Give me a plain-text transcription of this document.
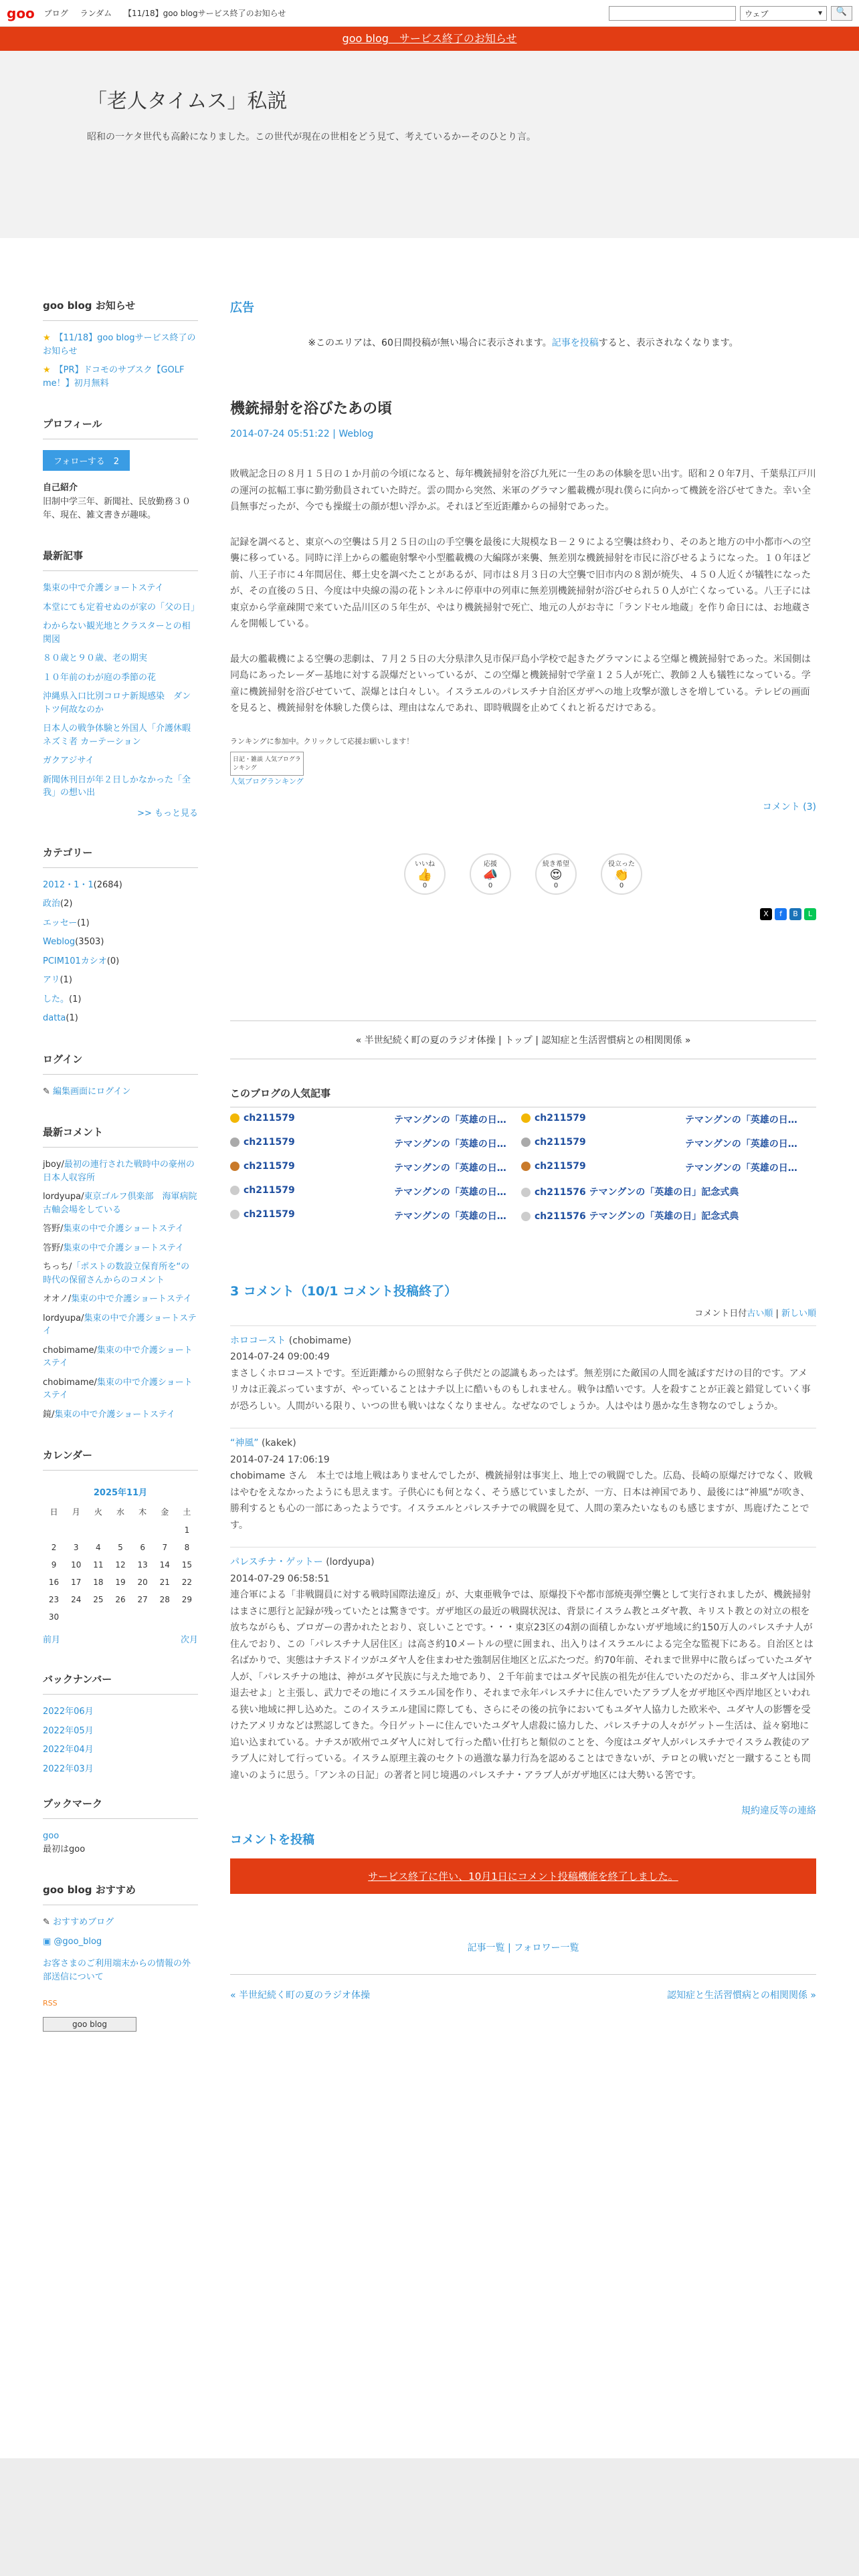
goo ブログ ランダム 【11/18】goo blogサービス終了のお知らせ	ウェブ	▾	🔍
goo blog　サービス終了のお知らせ
「老人タイムス」私説

昭和の一ケタ世代も高齢になりました。この世代が現在の世相をどう見て、考えているかーそのひとり言。

goo blog お知らせ
★ 【11/18】goo blogサービス終了のお知らせ
★ 【PR】ドコモのサブスク【GOLF me！】初月無料
プロフィール
フォローする　 2
自己紹介
旧制中学三年、新聞社、民放勤務３０年、現在、雑文書きが趣味。
最新記事
集束の中で介護ショートステイ
本堂にても定着せぬのが家の「父の日」
わからない観光地とクラスターとの相関図
８０歳と９０歳、老の期実
１０年前のわが庭の季節の花
沖縄県入口比別コロナ新規感染　ダントツ何故なのか
日本人の戦争体験と外国人「介護休暇ネズミ者 カーテーション
ガクアジサイ
新聞休刊日が年２日しかなかった「全我」の想い出
>> もっと見る
カテゴリー
2012・1・1(2684)
政治(2)
エッセー(1)
Weblog(3503)
PCIM101カシオ(0)
アリ(1)
した。(1)
datta(1)
ログイン
✎ 編集画面にログイン
最新コメント
jboy/最初の連行された戦時中の豪州の日本人収容所
lordyupa/東京ゴルフ倶楽部　海軍病院　古軸会場をしている
答野/集束の中で介護ショートステイ
答野/集束の中で介護ショートステイ
ちっち/「ポストの数設立保育所を“の時代の保留さんからのコメント
オオノ/集束の中で介護ショートステイ
lordyupa/集束の中で介護ショートステイ
chobimame/集束の中で介護ショートステイ
chobimame/集束の中で介護ショートステイ
鏡/集束の中で介護ショートステイ
カレンダー
2025年11月
日	月	火	水	木	金	土
						1
2	3	4	5	6	7	8
9	10	11	12	13	14	15
16	17	18	19	20	21	22
23	24	25	26	27	28	29
30						
前月	次月
バックナンバー
2022年06月
2022年05月
2022年04月
2022年03月
ブックマーク
goo
最初はgoo
goo blog おすすめ
✎ おすすめブログ
▣ @goo_blog
お客さまのご利用端末からの情報の外部送信について
RSS
goo blog
広告
※このエリアは、60日間投稿が無い場合に表示されます。記事を投稿すると、表示されなくなります。
機銃掃射を浴びたあの頃
2014-07-24 05:51:22 | Weblog

敗戦記念日の８月１５日の１か月前の今頃になると、毎年機銃掃射を浴び九死に一生のあの体験を思い出す。昭和２０年7月、千葉県江戸川の運河の拡幅工事に勤労動員されていた時だ。雲の間から突然、米軍のグラマン艦載機が現れ僕らに向かって機銃を浴びせてきた。幸い全員無事だったが、今でも操縦士の顔が想い浮かぶ。それほど至近距離からの掃射であった。

記録を調べると、東京への空襲は５月２５日の山の手空襲を最後に大規模なＢ－２９による空襲は終わり、そのあと地方の中小都市への空襲に移っている。同時に洋上からの艦砲射撃や小型艦載機の大編隊が来襲、無差別な機銃掃射を市民に浴びせるようになった。１０年ほど前、八王子市に４年間居住、郷土史を調べたことがあるが、同市は８月３日の大空襲で旧市内の８割が焼失、４５０人近くが犠牲になったが、その直後の５日、今度は中央線の湯の花トンネルに停車中の列車に無差別機銃掃射が浴びせられ５０人が亡くなっている。八王子には東京から学童疎開で来ていた品川区の５年生が、やはり機銃掃射で死亡、地元の人がお寺に「ランドセル地蔵」を作り命日には、お地蔵さんを開帳している。

最大の艦載機による空襲の悲劇は、７月２５日の大分県津久見市保戸島小学校で起きたグラマンによる空爆と機銃掃射であった。米国側は同島にあったレーダー基地に対する誤爆だといっているが、この空爆と機銃掃射で学童１２５人が死亡、教師２人も犠牲になっている。学童に機銃掃射を浴びせていて、誤爆とは白々しい。イスラエルのパレスチナ自治区ガザへの地上攻撃が激しさを増している。テレビの画面を見ると、機銃掃射を体験した僕らは、理由はなんであれ、即時戦闘を止めてくれと祈るだけである。

ランキングに参加中。クリックして応援お願いします！
日記・雑談 人気ブログランキング
人気ブログランキング
コメント (3)
いいね
👍
0
応援
📣
0
続き希望
😍
0
役立った
👏
0
X f B L
« 半世紀続く町の夏のラジオ体操 | トップ | 認知症と生活習慣病との相関関係 »
このブログの人気記事
ch211579	テマングンの「英雄の日…	ch211579	テマングンの「英雄の日…
ch211579	テマングンの「英雄の日…	ch211579	テマングンの「英雄の日…
ch211579	テマングンの「英雄の日…	ch211579	テマングンの「英雄の日…
ch211579	テマングンの「英雄の日…	ch211576 テマングンの「英雄の日」記念式典
ch211579	テマングンの「英雄の日…	ch211576 テマングンの「英雄の日」記念式典
3 コメント（10/1 コメント投稿終了）
コメント日付古い順 | 新しい順
ホロコースト (chobimame)
2014-07-24 09:00:49
まさしくホロコーストです。至近距離からの照射なら子供だとの認識もあったはず。無差別にた敵国の人間を滅ぼすだけの目的です。アメリカは正義ぶっていますが、やっていることはナチ以上に酷いものもしれません。戦争は酷いです。人を殺すことが正義と錯覚していく事が恐ろしい。人間がいる限り、いつの世も戦いはなくなりません。なぜなのでしょうか。人はやはり愚かな生き物なのでしょうか。
“神風” (kakek)
2014-07-24 17:06:19
chobimame さん　本土では地上戦はありませんでしたが、機銃掃射は事実上、地上での戦闘でした。広島、長崎の原爆だけでなく、敗戦はやむをえなかったようにも思えます。子供心にも何となく、そう感じていましたが、一方、日本は神国であり、最後には“神風”が吹き、勝利するとも心の一部にあったようです。イスラエルとパレスチナでの戦闘を見て、人間の業みたいなものも感じますが、馬鹿げたことです。
パレスチナ・ゲットー (lordyupa)
2014-07-29 06:58:51
連合軍による「非戦闘員に対する戦時国際法違反」が、大東亜戦争では、原爆投下や都市部焼夷弾空襲として実行されましたが、機銃掃射はまさに悪行と記録が残っていたとは驚きです。ガザ地区の最近の戦闘状況は、背景にイスラム教とユダヤ教、キリスト教との対立の根を放ちながらも、ブロガーの書かれたとおり、哀しいことです。・・・東京23区の4割の面積しかないガザ地域に約150万人のパレスチナ人が住んでおり、この「パレスチナ人居住区」は高さ約10メートルの壁に囲まれ、出入りはイスラエルによる完全な監視下にある。自治区とは名ばかりで、実態はナチスドイツがユダヤ人を住まわせた強制居住地区と広ぶたつだ。約70年前、それまで世界中に散らばっていたユダヤ人が、「パレスチナの地は、神がユダヤ民族に与えた地であり、２千年前まではユダヤ民族の祖先が住んでいたのだから、非ユダヤ人は国外退去せよ」と主張し、武力でその地にイスラエル国を作り、それまで永年パレスチナに住んでいたアラブ人をガザ地区や西岸地区といわれる狭い地域に押し込めた。このイスラエル建国に際しても、さらにその後の抗争においてもユダヤ人協力した欧米や、ユダヤ人の影響を受けたアメリカなどは黙認してきた。今日ゲットーに住んでいたユダヤ人虐殺に協力した、パレスチナの人々がゲットー生活は、益々窮地に追い込まれている。ナチスが欧州でユダヤ人に対して行った酷い仕打ちと類似のことを、今度はユダヤ人がパレスチナでイスラム教徒のアラブ人に対して行っている。イスラム原理主義のセクトの過激な暴力行為を認めることはできないが、テロとの戦いだと一蹴することも間違いのように思う。「アンネの日記」の著者と同じ境遇のパレスチナ・アラブ人がガザ地区には大勢いる筈です。
規約違反等の連絡
コメントを投稿
サービス終了に伴い、10月1日にコメント投稿機能を終了しました。
記事一覧 | フォロワー一覧
« 半世紀続く町の夏のラジオ体操	認知症と生活習慣病との相関関係 »
